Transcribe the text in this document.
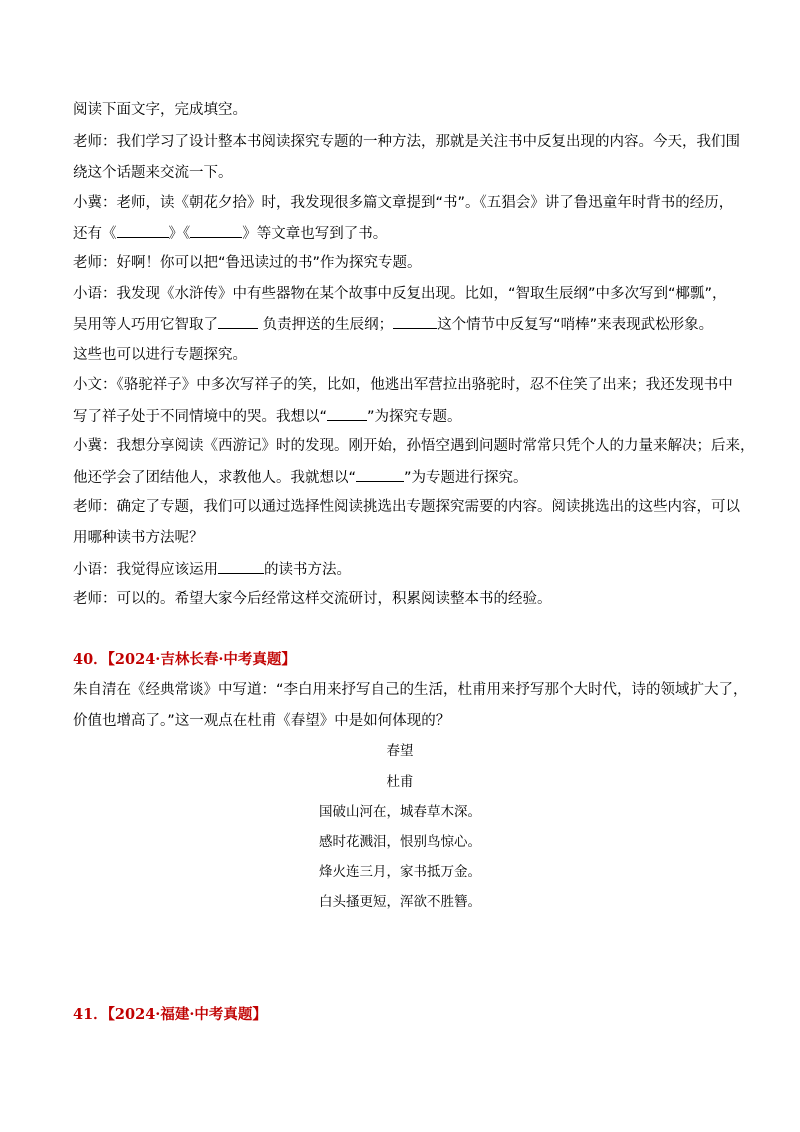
阅读下面文字，完成填空。
老师：我们学习了设计整本书阅读探究专题的一种方法，那就是关注书中反复出现的内容。今天，我们围
绕这个话题来交流一下。
小冀：老师，读《朝花夕拾》时，我发现很多篇文章提到“书”。《五猖会》讲了鲁迅童年时背书的经历，
还有《	》《	》等文章也写到了书。
老师：好啊！你可以把“鲁迅读过的书”作为探究专题。
小语：我发现《水浒传》中有些器物在某个故事中反复出现。比如，“智取生辰纲”中多次写到“椰瓢”，
吴用等人巧用它智取了	负责押送的生辰纲；	这个情节中反复写“哨棒”来表现武松形象。
这些也可以进行专题探究。
小文：《骆驼祥子》中多次写祥子的笑，比如，他逃出军营拉出骆驼时，忍不住笑了出来；我还发现书中
写了祥子处于不同情境中的哭。我想以“	”为探究专题。
小冀：我想分享阅读《西游记》时的发现。刚开始，孙悟空遇到问题时常常只凭个人的力量来解决；后来，
他还学会了团结他人，求教他人。我就想以“	”为专题进行探究。
老师：确定了专题，我们可以通过选择性阅读挑选出专题探究需要的内容。阅读挑选出的这些内容，可以
用哪种读书方法呢？
小语：我觉得应该运用	的读书方法。
老师：可以的。希望大家今后经常这样交流研讨，积累阅读整本书的经验。
40．【2024·吉林长春·中考真题】
朱自清在《经典常谈》中写道：“李白用来抒写自己的生活，杜甫用来抒写那个大时代，诗的领域扩大了，
价值也增高了。”这一观点在杜甫《春望》中是如何体现的？
春望
杜甫
国破山河在，城春草木深。
感时花溅泪，恨别鸟惊心。
烽火连三月，家书抵万金。
白头搔更短，浑欲不胜簪。
41．【2024·福建·中考真题】
